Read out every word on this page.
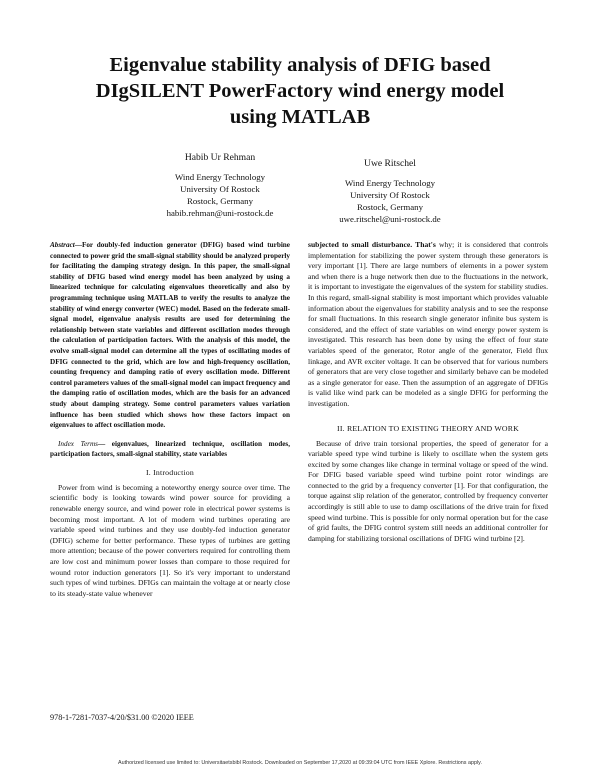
Eigenvalue stability analysis of DFIG based
DIgSILENT PowerFactory wind energy model
using MATLAB
Habib Ur Rehman
Wind Energy Technology
University Of Rostock
Rostock, Germany
habib.rehman@uni-rostock.de
Uwe Ritschel
Wind Energy Technology
University Of Rostock
Rostock, Germany
uwe.ritschel@uni-rostock.de

Abstract—For doubly-fed induction generator (DFIG) based wind turbine connected to power grid the small-signal stability should be analyzed properly for facilitating the damping strategy design. In this paper, the small-signal stability of DFIG based wind energy model has been analyzed by using a linearized technique for calculating eigenvalues theoretically and also by programming technique using MATLAB to verify the results to analyze the stability of wind energy converter (WEC) model. Based on the federate small-signal model, eigenvalue analysis results are used for determining the relationship between state variables and different oscillation modes through the calculation of participation factors. With the analysis of this model, the evolve small-signal model can determine all the types of oscillating modes of DFIG connected to the grid, which are low and high-frequency oscillation, counting frequency and damping ratio of every oscillation mode. Different control parameters values of the small-signal model can impact frequency and the damping ratio of oscillation modes, which are the basis for an advanced study about damping strategy. Some control parameters values variation influence has been studied which shows how these factors impact on eigenvalues to affect oscillation mode.

Index Terms— eigenvalues, linearized technique, oscillation modes, participation factors, small-signal stability, state variables

I. Introduction

Power from wind is becoming a noteworthy energy source over time. The scientific body is looking towards wind power source for providing a renewable energy source, and wind power role in electrical power systems is becoming most important. A lot of modern wind turbines operating are variable speed wind turbines and they use doubly-fed induction generator (DFIG) scheme for better performance. These types of turbines are getting more attention; because of the power converters required for controlling them are low cost and minimum power losses than compare to those required for wound rotor induction generators [1]. So it's very important to understand such types of wind turbines. DFIGs can maintain the voltage at or nearly close to its steady-state value whenever

subjected to small disturbance. That's why; it is considered that controls implementation for stabilizing the power system through these generators is very important [1]. There are large numbers of elements in a power system and when there is a huge network then due to the fluctuations in the network, it is important to investigate the eigenvalues of the system for stability studies. In this regard, small-signal stability is most important which provides valuable information about the eigenvalues for stability analysis and to see the response for small fluctuations. In this research single generator infinite bus system is considered, and the effect of state variables on wind energy power system is investigated. This research has been done by using the effect of four state variables speed of the generator, Rotor angle of the generator, Field flux linkage, and AVR exciter voltage. It can be observed that for various numbers of generators that are very close together and similarly behave can be modeled as a single generator for ease. Then the assumption of an aggregate of DFIGs is valid like wind park can be modeled as a single DFIG for performing the investigation.

II. RELATION TO EXISTING THEORY AND WORK

Because of drive train torsional properties, the speed of generator for a variable speed type wind turbine is likely to oscillate when the system gets excited by some changes like change in terminal voltage or speed of the wind. For DFIG based variable speed wind turbine point rotor windings are connected to the grid by a frequency converter [1]. For that configuration, the torque against slip relation of the generator, controlled by frequency converter accordingly is still able to use to damp oscillations of the drive train for fixed speed wind turbine. This is possible for only normal operation but for the case of grid faults, the DFIG control system still needs an additional controller for damping for stabilizing torsional oscillations of DFIG wind turbine [2].

978-1-7281-7037-4/20/$31.00 ©2020 IEEE
Authorized licensed use limited to: Universitaetsbibl Rostock. Downloaded on September 17,2020 at 09:39:04 UTC from IEEE Xplore. Restrictions apply.
